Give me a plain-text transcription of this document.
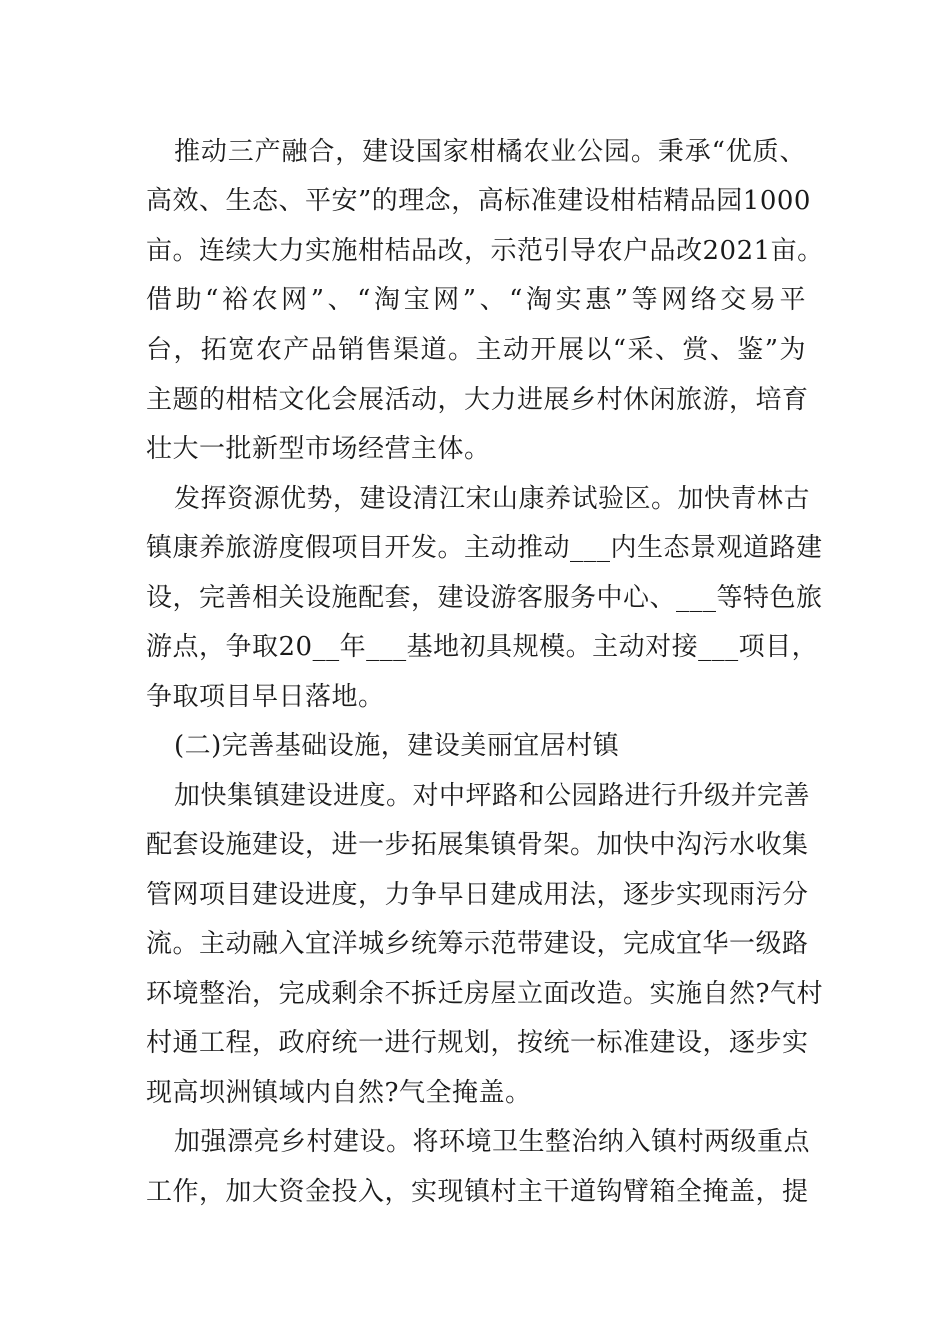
推动三产融合，建设国家柑橘农业公园。秉承“优质、
高效、生态、平安”的理念，高标准建设柑桔精品园1000
亩。连续大力实施柑桔品改，示范引导农户品改2021亩。
借助“裕农网”、“淘宝网”、“淘实惠”等网络交易平
台，拓宽农产品销售渠道。主动开展以“采、赏、鉴”为
主题的柑桔文化会展活动，大力进展乡村休闲旅游，培育
壮大一批新型市场经营主体。
发挥资源优势，建设清江宋山康养试验区。加快青林古
镇康养旅游度假项目开发。主动推动___内生态景观道路建
设，完善相关设施配套，建设游客服务中心、___等特色旅
游点，争取20__年___基地初具规模。主动对接___项目，
争取项目早日落地。
(二)完善基础设施，建设美丽宜居村镇
加快集镇建设进度。对中坪路和公园路进行升级并完善
配套设施建设，进一步拓展集镇骨架。加快中沟污水收集
管网项目建设进度，力争早日建成用法，逐步实现雨污分
流。主动融入宜洋城乡统筹示范带建设，完成宜华一级路
环境整治，完成剩余不拆迁房屋立面改造。实施自然?气村
村通工程，政府统一进行规划，按统一标准建设，逐步实
现高坝洲镇域内自然?气全掩盖。
加强漂亮乡村建设。将环境卫生整治纳入镇村两级重点
工作，加大资金投入，实现镇村主干道钩臂箱全掩盖，提
